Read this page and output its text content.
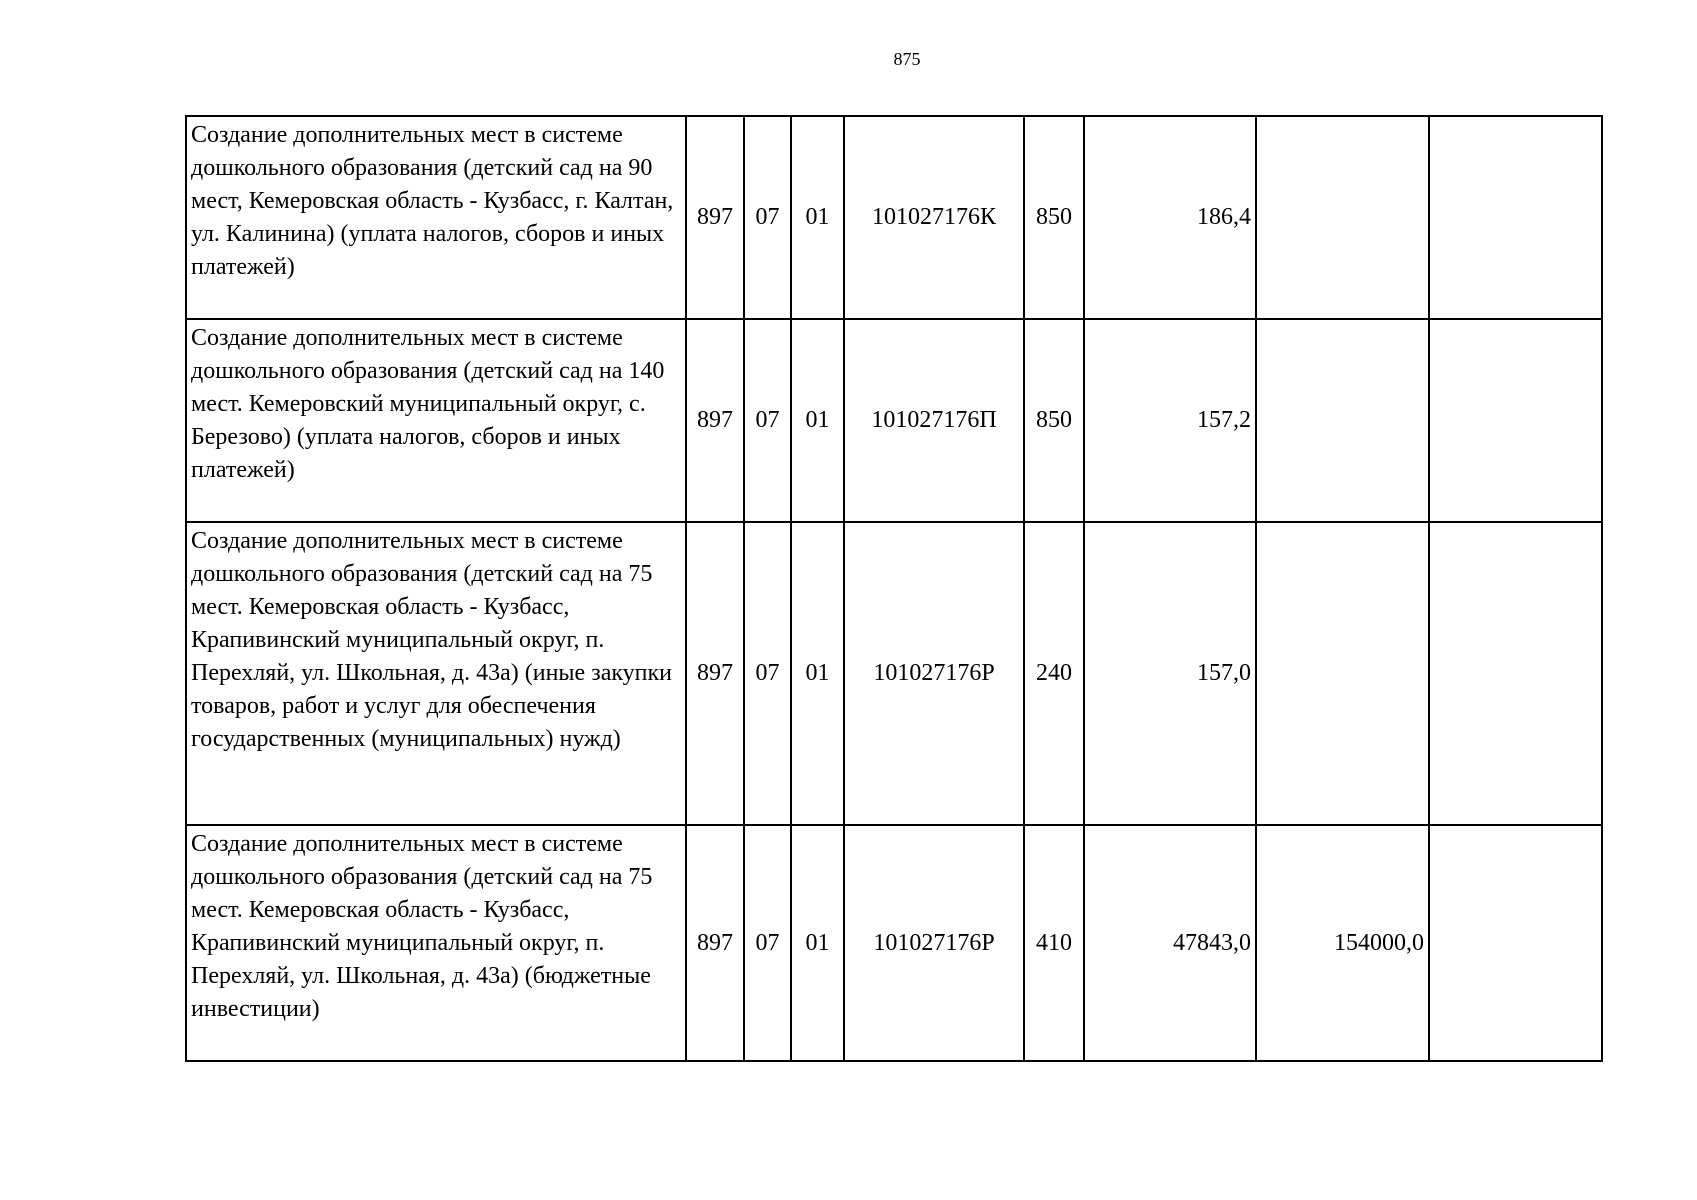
875
Создание дополнительных мест в системе дошкольного образования (детский сад на 90 мест, Кемеровская область - Кузбасс, г. Калтан, ул. Калинина) (уплата налогов, сборов и иных платежей)	897	07	01	101027176К	850	186,4		

Создание дополнительных мест в системе дошкольного образования (детский сад на 140 мест. Кемеровский муниципальный округ, с. Березово) (уплата налогов, сборов и иных платежей)	897	07	01	101027176П	850	157,2		

Создание дополнительных мест в системе дошкольного образования (детский сад на 75 мест. Кемеровская область - Кузбасс, Крапивинский муниципальный округ, п. Перехляй, ул. Школьная, д. 43а) (иные закупки товаров, работ и услуг для обеспечения государственных (муниципальных) нужд)	897	07	01	101027176Р	240	157,0		

Создание дополнительных мест в системе дошкольного образования (детский сад на 75 мест. Кемеровская область - Кузбасс, Крапивинский муниципальный округ, п. Перехляй, ул. Школьная, д. 43а) (бюджетные инвестиции)	897	07	01	101027176Р	410	47843,0	154000,0	
